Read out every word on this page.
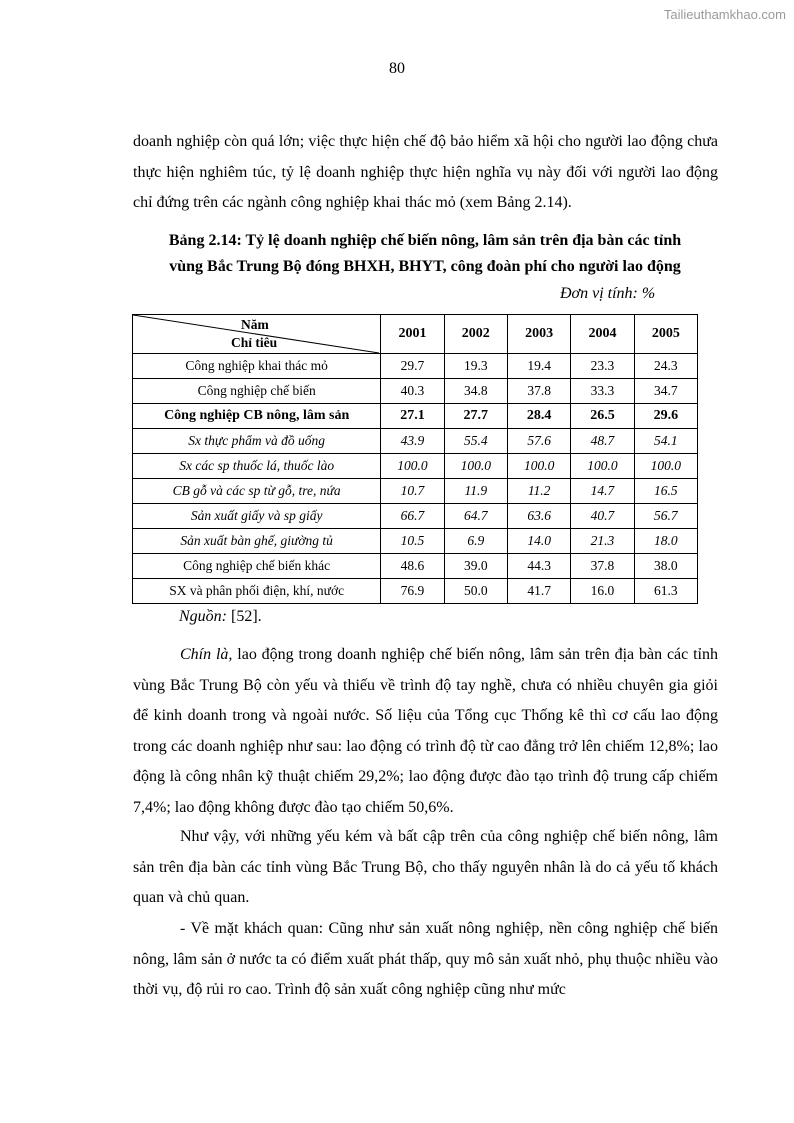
Tailieuthamkhao.com
80

doanh nghiệp còn quá lớn; việc thực hiện chế độ bảo hiểm xã hội cho người lao động chưa thực hiện nghiêm túc, tỷ lệ doanh nghiệp thực hiện nghĩa vụ này đối với người lao động chỉ đứng trên các ngành công nghiệp khai thác mỏ (xem Bảng 2.14).

Bảng 2.14: Tỷ lệ doanh nghiệp chế biến nông, lâm sản trên địa bàn các tỉnh

vùng Bắc Trung Bộ đóng BHXH, BHYT, công đoàn phí cho người lao động

Đơn vị tính: %
Năm
Chỉ tiêu	2001	2002	2003	2004	2005
Công nghiệp khai thác mỏ	29.7	19.3	19.4	23.3	24.3
Công nghiệp chế biến	40.3	34.8	37.8	33.3	34.7
Công nghiệp CB nông, lâm sản	27.1	27.7	28.4	26.5	29.6
Sx thực phẩm và đồ uống	43.9	55.4	57.6	48.7	54.1
Sx các sp thuốc lá, thuốc lào	100.0	100.0	100.0	100.0	100.0
CB gỗ và các sp từ gỗ, tre, nứa	10.7	11.9	11.2	14.7	16.5
Sản xuất giấy và sp giấy	66.7	64.7	63.6	40.7	56.7
Sản xuất bàn ghế, giường tủ	10.5	6.9	14.0	21.3	18.0
Công nghiệp chế biến khác	48.6	39.0	44.3	37.8	38.0
SX và phân phối điện, khí, nước	76.9	50.0	41.7	16.0	61.3
Nguồn: [52].

Chín là, lao động trong doanh nghiệp chế biến nông, lâm sản trên địa bàn các tỉnh vùng Bắc Trung Bộ còn yếu và thiếu về trình độ tay nghề, chưa có nhiều chuyên gia giỏi để kinh doanh trong và ngoài nước. Số liệu của Tổng cục Thống kê thì cơ cấu lao động trong các doanh nghiệp như sau: lao động có trình độ từ cao đẳng trở lên chiếm 12,8%; lao động là công nhân kỹ thuật chiếm 29,2%; lao động được đào tạo trình độ trung cấp chiếm 7,4%; lao động không được đào tạo chiếm 50,6%.

Như vậy, với những yếu kém và bất cập trên của công nghiệp chế biến nông, lâm sản trên địa bàn các tỉnh vùng Bắc Trung Bộ, cho thấy nguyên nhân là do cả yếu tố khách quan và chủ quan.

- Về mặt khách quan: Cũng như sản xuất nông nghiệp, nền công nghiệp chế biến nông, lâm sản ở nước ta có điểm xuất phát thấp, quy mô sản xuất nhỏ, phụ thuộc nhiều vào thời vụ, độ rủi ro cao. Trình độ sản xuất công nghiệp cũng như mức
